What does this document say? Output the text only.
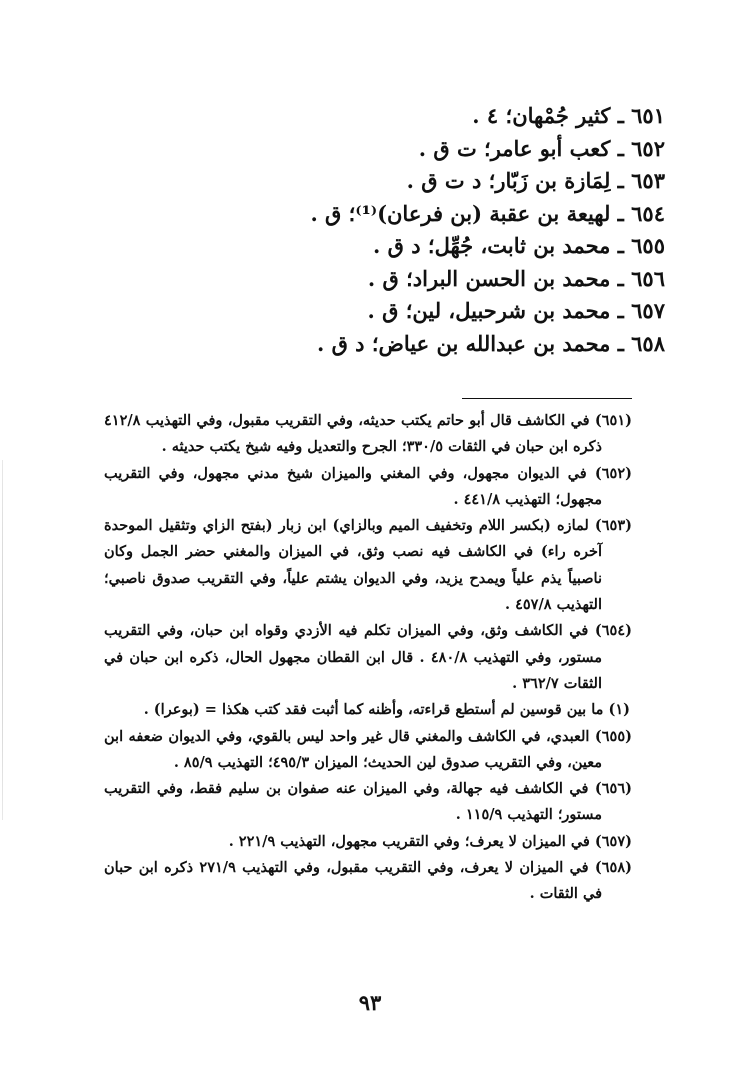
٦٥١ ـ كثير جُمْهان؛ ٤ .
٦٥٢ ـ كعب أبو عامر؛ ت ق .
٦٥٣ ـ لِمَازة بن زَبّار؛ د ت ق .
٦٥٤ ـ لهيعة بن عقبة (بن فرعان)⁽¹⁾؛ ق .
٦٥٥ ـ محمد بن ثابت، جُهِّل؛ د ق .
٦٥٦ ـ محمد بن الحسن البراد؛ ق .
٦٥٧ ـ محمد بن شرحبيل، لين؛ ق .
٦٥٨ ـ محمد بن عبدالله بن عياض؛ د ق .
(٦٥١) في الكاشف قال أبو حاتم يكتب حديثه، وفي التقريب مقبول، وفي التهذيب ٤١٢/٨ ذكره ابن حبان في الثقات ٣٣٠/٥؛ الجرح والتعديل وفيه شيخ يكتب حديثه .
(٦٥٢) في الديوان مجهول، وفي المغني والميزان شيخ مدني مجهول، وفي التقريب مجهول؛ التهذيب ٤٤١/٨ .
(٦٥٣) لمازه (بكسر اللام وتخفيف الميم وبالزاي) ابن زبار (بفتح الزاي وتثقيل الموحدة آخره راء) في الكاشف فيه نصب وثق، في الميزان والمغني حضر الجمل وكان ناصبياً يذم علياً ويمدح يزيد، وفي الديوان يشتم علياً، وفي التقريب صدوق ناصبي؛ التهذيب ٤٥٧/٨ .
(٦٥٤) في الكاشف وثق، وفي الميزان تكلم فيه الأزدي وقواه ابن حبان، وفي التقريب مستور، وفي التهذيب ٤٨٠/٨ . قال ابن القطان مجهول الحال، ذكره ابن حبان في الثقات ٣٦٢/٧ .
(١) ما بين قوسين لم أستطع قراءته، وأظنه كما أثبت فقد كتب هكذا = (بوعرا) .
(٦٥٥) العبدي، في الكاشف والمغني قال غير واحد ليس بالقوي، وفي الديوان ضعفه ابن معين، وفي التقريب صدوق لين الحديث؛ الميزان ٤٩٥/٣؛ التهذيب ٨٥/٩ .
(٦٥٦) في الكاشف فيه جهالة، وفي الميزان عنه صفوان بن سليم فقط، وفي التقريب مستور؛ التهذيب ١١٥/٩ .
(٦٥٧) في الميزان لا يعرف؛ وفي التقريب مجهول، التهذيب ٢٢١/٩ .
(٦٥٨) في الميزان لا يعرف، وفي التقريب مقبول، وفي التهذيب ٢٧١/٩ ذكره ابن حبان في الثقات .
٩٣
